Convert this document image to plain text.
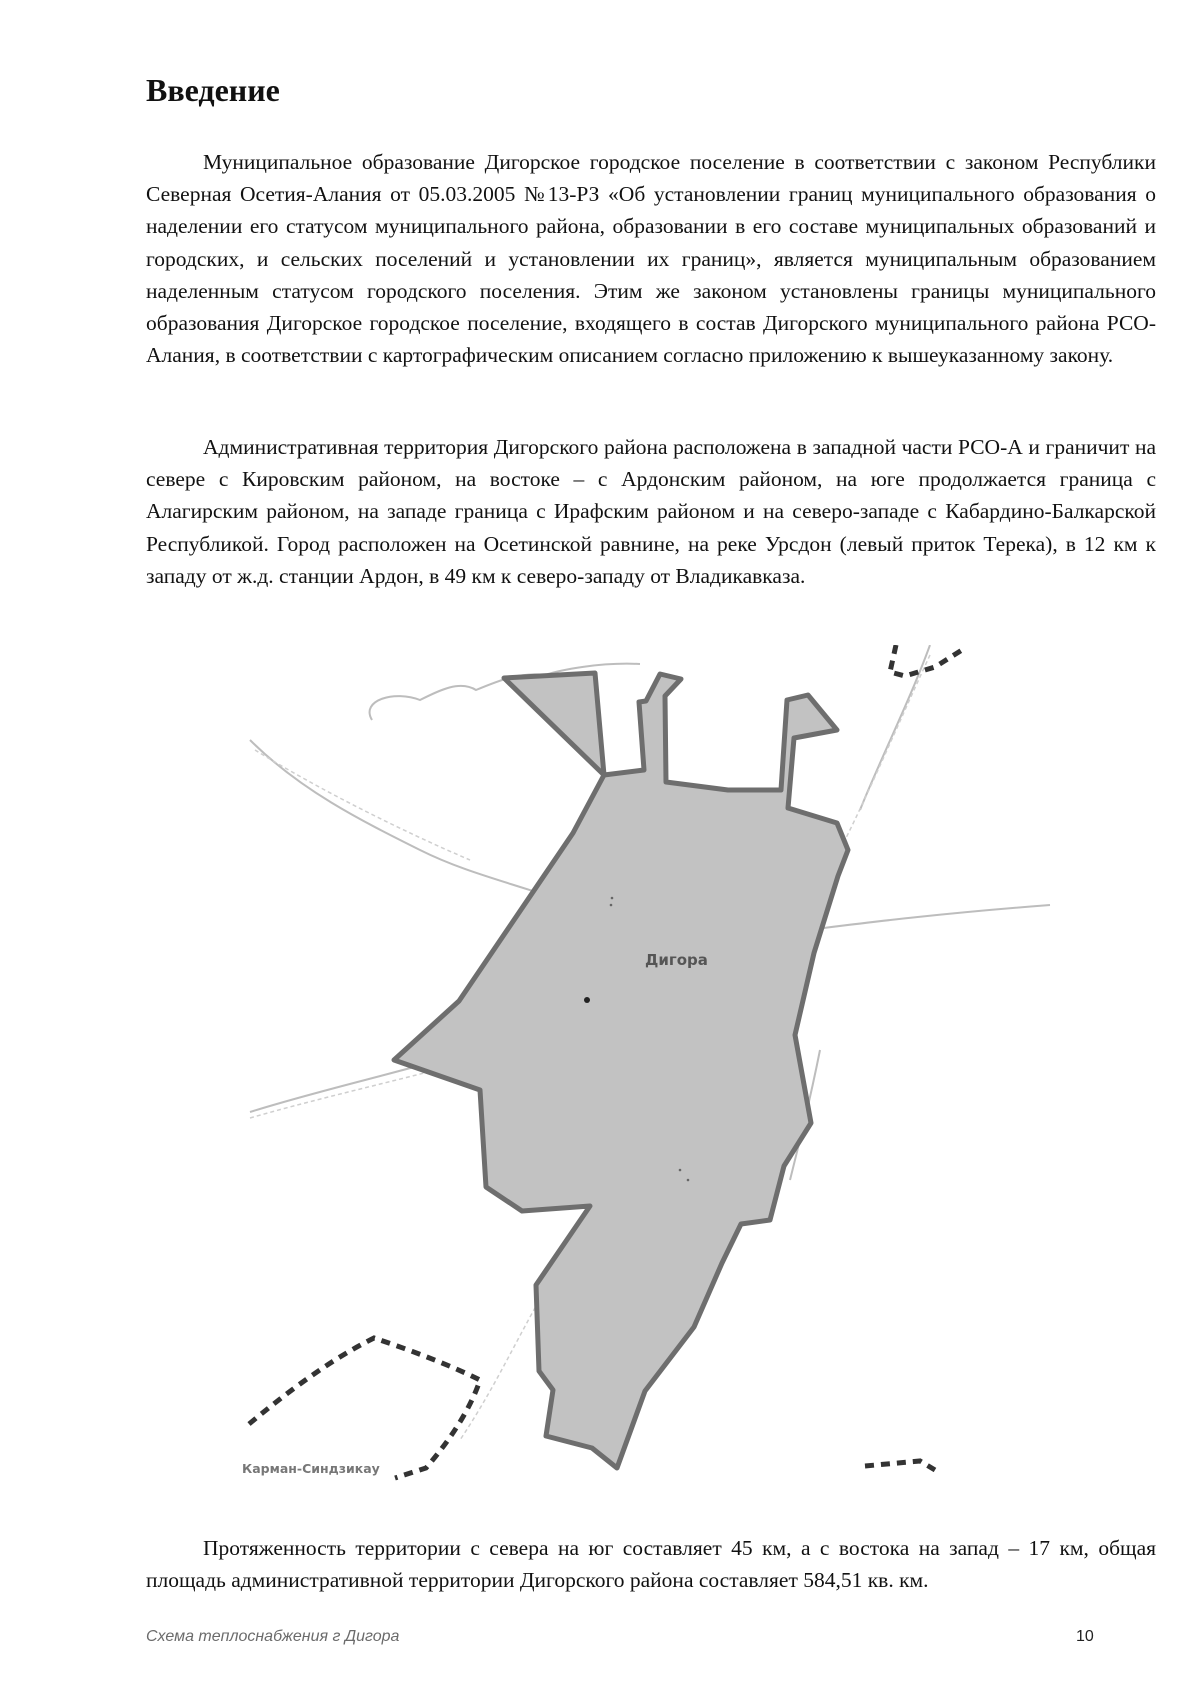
Введение

Муниципальное образование Дигорское городское поселение в соответствии с законом Республики Северная Осетия-Алания от 05.03.2005 №13-РЗ «Об установлении границ муниципального образования о наделении его статусом муниципального района, образовании в его составе муниципальных образований и городских, и сельских поселений и установлении их границ», является муниципальным образованием наделенным статусом городского поселения. Этим же законом установлены границы муниципального образования Дигорское городское поселение, входящего в состав Дигорского муниципального района РСО-Алания, в соответствии с картографическим описанием согласно приложению к вышеуказанному закону.

Административная территория Дигорского района расположена в западной части РСО-А и граничит на севере с Кировским районом, на востоке – с Ардонским районом, на юге продолжается граница с Алагирским районом, на западе граница с Ирафским районом и на северо-западе с Кабардино-Балкарской Республикой. Город расположен на Осетинской равнине, на реке Урсдон (левый приток Терека), в 12 км к западу от ж.д. станции Ардон, в 49 км к северо-западу от Владикавказа.

Дигора
Карман-Синдзикау

Протяженность территории с севера на юг составляет 45 км, а с востока на запад – 17 км, общая площадь административной территории Дигорского района составляет 584,51 кв. км.

Схема теплоснабжения г Дигора	10
